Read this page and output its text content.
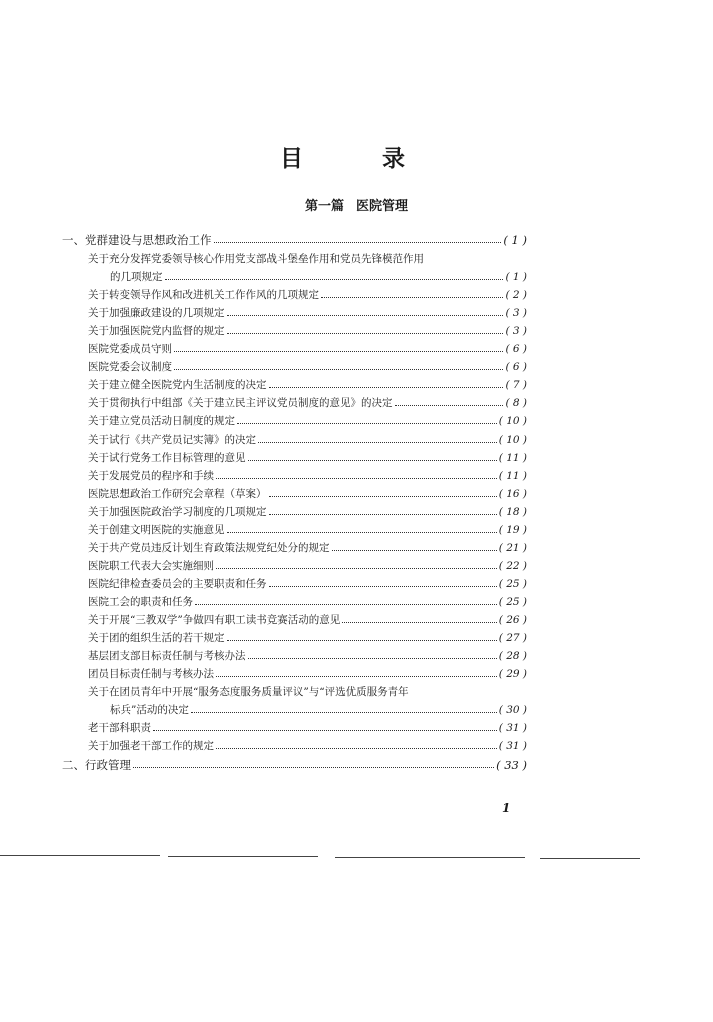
目　录
第一篇 医院管理
一、党群建设与思想政治工作	( 1 )
关于充分发挥党委领导核心作用党支部战斗堡垒作用和党员先锋模范作用
的几项规定	( 1 )
关于转变领导作风和改进机关工作作风的几项规定	( 2 )
关于加强廉政建设的几项规定	( 3 )
关于加强医院党内监督的规定	( 3 )
医院党委成员守则	( 6 )
医院党委会议制度	( 6 )
关于建立健全医院党内生活制度的决定	( 7 )
关于贯彻执行中组部《关于建立民主评议党员制度的意见》的决定	( 8 )
关于建立党员活动日制度的规定	( 10 )
关于试行《共产党员记实簿》的决定	( 10 )
关于试行党务工作目标管理的意见	( 11 )
关于发展党员的程序和手续	( 11 )
医院思想政治工作研究会章程（草案）	( 16 )
关于加强医院政治学习制度的几项规定	( 18 )
关于创建文明医院的实施意见	( 19 )
关于共产党员违反计划生育政策法规党纪处分的规定	( 21 )
医院职工代表大会实施细则	( 22 )
医院纪律检查委员会的主要职责和任务	( 25 )
医院工会的职责和任务	( 25 )
关于开展“三教双学”争做四有职工读书竞赛活动的意见	( 26 )
关于团的组织生活的若干规定	( 27 )
基层团支部目标责任制与考核办法	( 28 )
团员目标责任制与考核办法	( 29 )
关于在团员青年中开展“服务态度服务质量评议”与“评选优质服务青年
标兵”活动的决定	( 30 )
老干部科职责	( 31 )
关于加强老干部工作的规定	( 31 )
二、行政管理	( 33 )
1
